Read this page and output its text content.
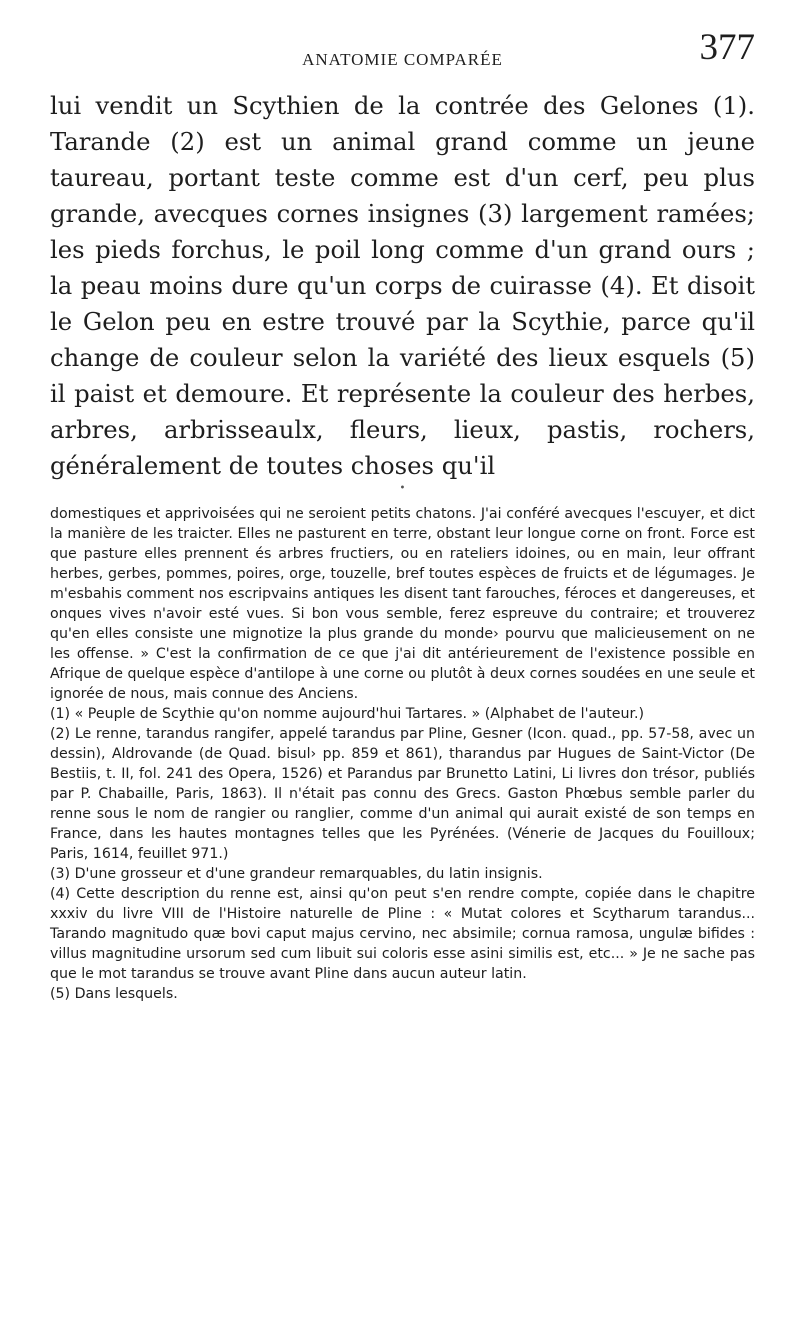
ANATOMIE COMPARÉE	377

lui vendit un Scythien de la contrée des Gelones (1). Tarande (2) est un animal grand comme un jeune taureau, portant teste comme est d'un cerf, peu plus grande, avecques cornes insignes (3) largement ramées; les pieds forchus, le poil long comme d'un grand ours ; la peau moins dure qu'un corps de cuirasse (4). Et disoit le Gelon peu en estre trouvé par la Scythie, parce qu'il change de couleur selon la variété des lieux esquels (5) il paist et demoure. Et représente la couleur des herbes, arbres, arbrisseaulx, fleurs, lieux, pastis, rochers, généralement de toutes choses qu'il

•

domestiques et apprivoisées qui ne seroient petits chatons. J'ai conféré avecques l'escuyer, et dict la manière de les traicter. Elles ne pasturent en terre, obstant leur longue corne on front. Force est que pasture elles prennent és arbres fructiers, ou en rateliers idoines, ou en main, leur offrant herbes, gerbes, pommes, poires, orge, touzelle, bref toutes espèces de fruicts et de légumages. Je m'esbahis comment nos escripvains antiques les disent tant farouches, féroces et dangereuses, et onques vives n'avoir esté vues. Si bon vous semble, ferez espreuve du contraire; et trouverez qu'en elles consiste une mignotize la plus grande du monde› pourvu que malicieusement on ne les offense. » C'est la confirmation de ce que j'ai dit antérieurement de l'existence possible en Afrique de quelque espèce d'antilope à une corne ou plutôt à deux cornes soudées en une seule et ignorée de nous, mais connue des Anciens.

(1) « Peuple de Scythie qu'on nomme aujourd'hui Tartares. » (Alphabet de l'auteur.)

(2) Le renne, tarandus rangifer, appelé tarandus par Pline, Gesner (Icon. quad., pp. 57-58, avec un dessin), Aldrovande (de Quad. bisul› pp. 859 et 861), tharandus par Hugues de Saint-Victor (De Bestiis, t. II, fol. 241 des Opera, 1526) et Parandus par Brunetto Latini, Li livres don trésor, publiés par P. Chabaille, Paris, 1863). Il n'était pas connu des Grecs. Gaston Phœbus semble parler du renne sous le nom de rangier ou ranglier, comme d'un animal qui aurait existé de son temps en France, dans les hautes montagnes telles que les Pyrénées. (Vénerie de Jacques du Fouilloux; Paris, 1614, feuillet 971.)

(3) D'une grosseur et d'une grandeur remarquables, du latin insignis.

(4) Cette description du renne est, ainsi qu'on peut s'en rendre compte, copiée dans le chapitre xxxiv du livre VIII de l'Histoire naturelle de Pline : « Mutat colores et Scytharum tarandus... Tarando magnitudo quæ bovi caput majus cervino, nec absimile; cornua ramosa, ungulæ bifides : villus magnitudine ursorum sed cum libuit sui coloris esse asini similis est, etc... » Je ne sache pas que le mot tarandus se trouve avant Pline dans aucun auteur latin.

(5) Dans lesquels.
